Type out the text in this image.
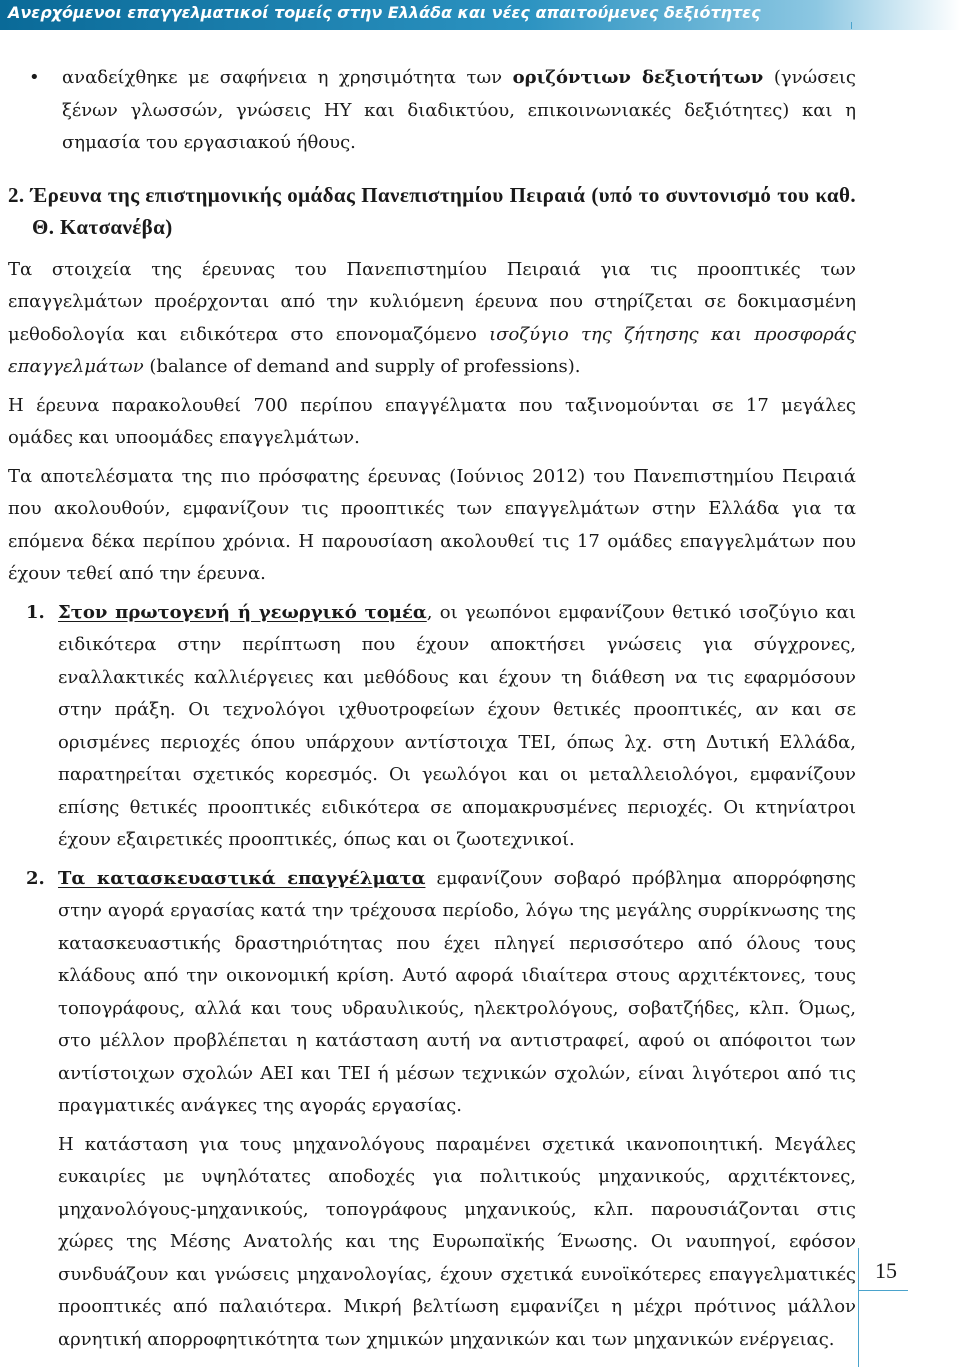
Ανερχόμενοι επαγγελματικοί τομείς στην Ελλάδα και νέες απαιτούμενες δεξιότητες

• αναδείχθηκε με σαφήνεια η χρησιμότητα των οριζόντιων δεξιοτήτων (γνώσεις ξένων γλωσσών, γνώσεις ΗΥ και διαδικτύου, επικοινωνιακές δεξιότητες) και η σημασία του εργασιακού ήθους.

2. Έρευνα της επιστημονικής ομάδας Πανεπιστημίου Πειραιά (υπό το συντονισμό του καθ. Θ. Κατσανέβα)

Τα στοιχεία της έρευνας του Πανεπιστημίου Πειραιά για τις προοπτικές των επαγγελμάτων προέρχονται από την κυλιόμενη έρευνα που στηρίζεται σε δοκιμασμένη μεθοδολογία και ειδικότερα στο επονομαζόμενο ισοζύγιο της ζήτησης και προσφοράς επαγγελμάτων (balance of demand and supply of professions).

Η έρευνα παρακολουθεί 700 περίπου επαγγέλματα που ταξινομούνται σε 17 μεγάλες ομάδες και υποομάδες επαγγελμάτων.

Τα αποτελέσματα της πιο πρόσφατης έρευνας (Ιούνιος 2012) του Πανεπιστημίου Πειραιά που ακολουθούν, εμφανίζουν τις προοπτικές των επαγγελμάτων στην Ελλάδα για τα επόμενα δέκα περίπου χρόνια. Η παρουσίαση ακολουθεί τις 17 ομάδες επαγγελμάτων που έχουν τεθεί από την έρευνα.

1. Στον πρωτογενή ή γεωργικό τομέα, οι γεωπόνοι εμφανίζουν θετικό ισοζύγιο και ειδικότερα στην περίπτωση που έχουν αποκτήσει γνώσεις για σύγχρονες, εναλλακτικές καλλιέργειες και μεθόδους και έχουν τη διάθεση να τις εφαρμόσουν στην πράξη. Οι τεχνολόγοι ιχθυοτροφείων έχουν θετικές προοπτικές, αν και σε ορισμένες περιοχές όπου υπάρχουν αντίστοιχα ΤΕΙ, όπως λχ. στη Δυτική Ελλάδα, παρατηρείται σχετικός κορεσμός. Οι γεωλόγοι και οι μεταλλειολόγοι, εμφανίζουν επίσης θετικές προοπτικές ειδικότερα σε απομακρυσμένες περιοχές. Οι κτηνίατροι έχουν εξαιρετικές προοπτικές, όπως και οι ζωοτεχνικοί.

2. Τα κατασκευαστικά επαγγέλματα εμφανίζουν σοβαρό πρόβλημα απορρόφησης στην αγορά εργασίας κατά την τρέχουσα περίοδο, λόγω της μεγάλης συρρίκνωσης της κατασκευαστικής δραστηριότητας που έχει πληγεί περισσότερο από όλους τους κλάδους από την οικονομική κρίση. Αυτό αφορά ιδιαίτερα στους αρχιτέκτονες, τους τοπογράφους, αλλά και τους υδραυλικούς, ηλεκτρολόγους, σοβατζήδες, κλπ. Όμως, στο μέλλον προβλέπεται η κατάσταση αυτή να αντιστραφεί, αφού οι απόφοιτοι των αντίστοιχων σχολών ΑΕΙ και ΤΕΙ ή μέσων τεχνικών σχολών, είναι λιγότεροι από τις πραγματικές ανάγκες της αγοράς εργασίας.

Η κατάσταση για τους μηχανολόγους παραμένει σχετικά ικανοποιητική. Μεγάλες ευκαιρίες με υψηλότατες αποδοχές για πολιτικούς μηχανικούς, αρχιτέκτονες, μηχανολόγους-μηχανικούς, τοπογράφους μηχανικούς, κλπ. παρουσιάζονται στις χώρες της Μέσης Ανατολής και της Ευρωπαϊκής Ένωσης. Οι ναυπηγοί, εφόσον συνδυάζουν και γνώσεις μηχανολογίας, έχουν σχετικά ευνοϊκότερες επαγγελματικές προοπτικές από παλαιότερα. Μικρή βελτίωση εμφανίζει η μέχρι πρότινος μάλλον αρνητική απορροφητικότητα των χημικών μηχανικών και των μηχανικών ενέργειας.

15
